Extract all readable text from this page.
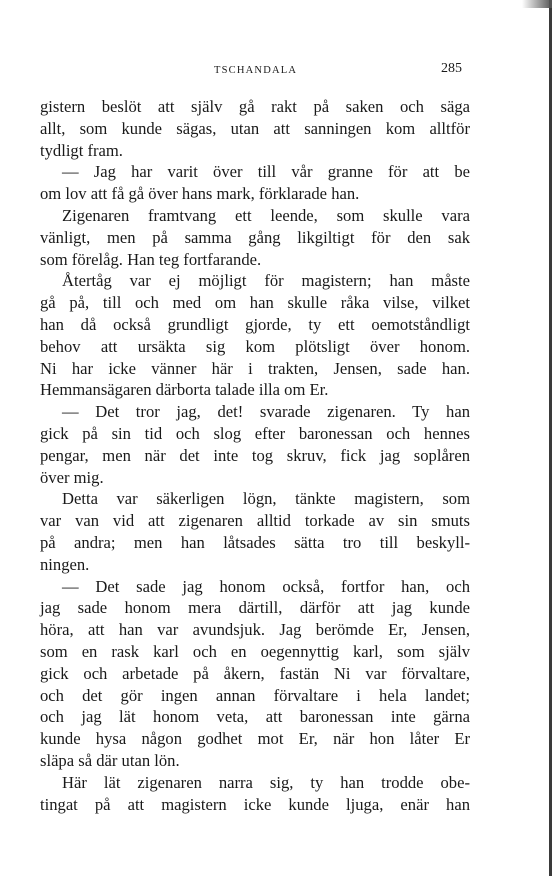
TSCHANDALA	285
gistern beslöt att själv gå rakt på saken och säga
allt, som kunde sägas, utan att sanningen kom alltför
tydligt fram.
— Jag har varit över till vår granne för att be
om lov att få gå över hans mark, förklarade han.
Zigenaren framtvang ett leende, som skulle vara
vänligt, men på samma gång likgiltigt för den sak
som förelåg. Han teg fortfarande.
Återtåg var ej möjligt för magistern; han måste
gå på, till och med om han skulle råka vilse, vilket
han då också grundligt gjorde, ty ett oemotståndligt
behov att ursäkta sig kom plötsligt över honom.
Ni har icke vänner här i trakten, Jensen, sade han.
Hemmansägaren därborta talade illa om Er.
— Det tror jag, det! svarade zigenaren. Ty han
gick på sin tid och slog efter baronessan och hennes
pengar, men när det inte tog skruv, fick jag soplåren
över mig.
Detta var säkerligen lögn, tänkte magistern, som
var van vid att zigenaren alltid torkade av sin smuts
på andra; men han låtsades sätta tro till beskyll-
ningen.
— Det sade jag honom också, fortfor han, och
jag sade honom mera därtill, därför att jag kunde
höra, att han var avundsjuk. Jag berömde Er, Jensen,
som en rask karl och en oegennyttig karl, som själv
gick och arbetade på åkern, fastän Ni var förvaltare,
och det gör ingen annan förvaltare i hela landet;
och jag lät honom veta, att baronessan inte gärna
kunde hysa någon godhet mot Er, när hon låter Er
släpa så där utan lön.
Här lät zigenaren narra sig, ty han trodde obe-
tingat på att magistern icke kunde ljuga, enär han
